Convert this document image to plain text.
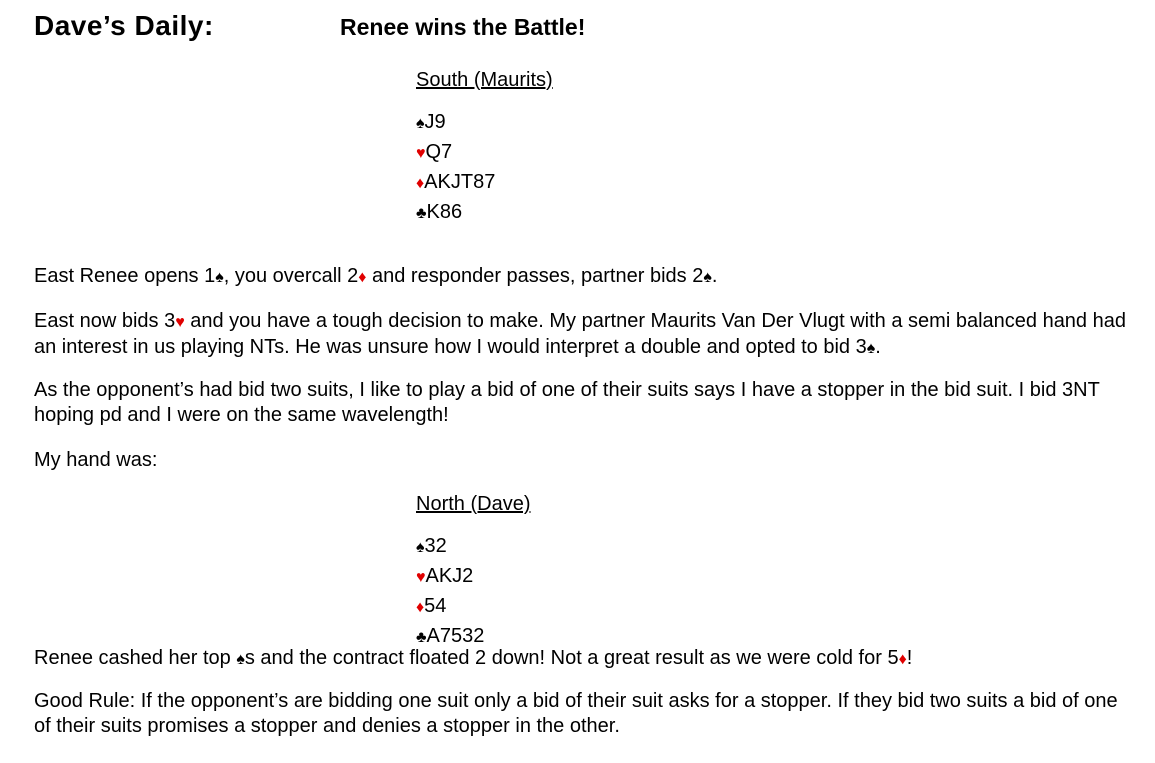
Dave’s Daily:	Renee wins the Battle!
South (Maurits)
♠J9
♥Q7
♦AKJT87
♣K86
East Renee opens 1♠, you overcall 2♦ and responder passes, partner bids 2♠.
East now bids 3♥ and you have a tough decision to make. My partner Maurits Van Der Vlugt with a semi balanced hand had an interest in us playing NTs. He was unsure how I would interpret a double and opted to bid 3♠.
As the opponent’s had bid two suits, I like to play a bid of one of their suits says I have a stopper in the bid suit. I bid 3NT hoping pd and I were on the same wavelength!
My hand was:
North (Dave)
♠32
♥AKJ2
♦54
♣A7532
Renee cashed her top ♠s and the contract floated 2 down! Not a great result as we were cold for 5♦!
Good Rule: If the opponent’s are bidding one suit only a bid of their suit asks for a stopper. If they bid two suits a bid of one of their suits promises a stopper and denies a stopper in the other.
